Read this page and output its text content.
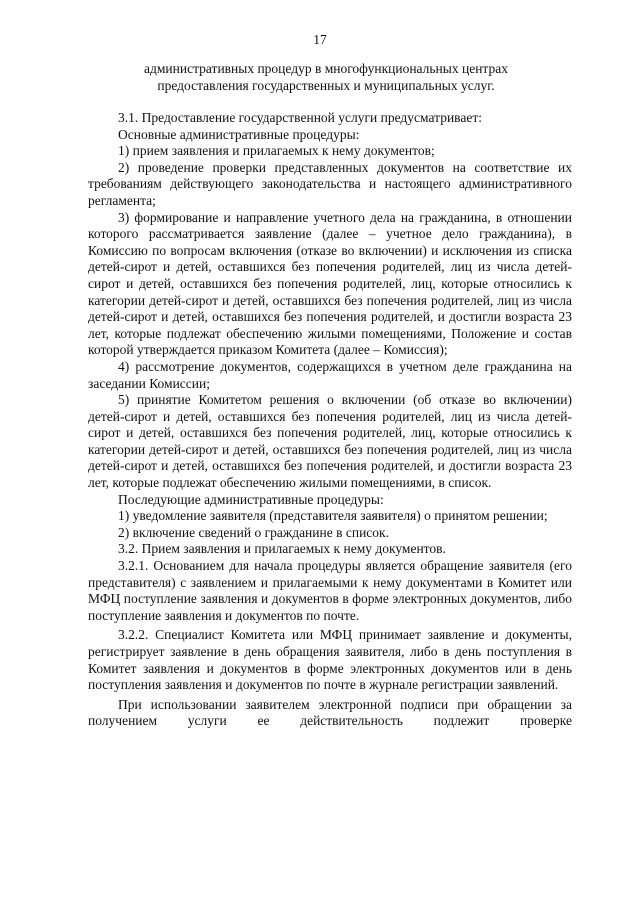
17
административных процедур в многофункциональных центрах
предоставления государственных и муниципальных услуг.

3.1. Предоставление государственной услуги предусматривает:

Основные административные процедуры:

1) прием заявления и прилагаемых к нему документов;

2) проведение проверки представленных документов на соответствие их требованиям действующего законодательства и настоящего административного регламента;

3) формирование и направление учетного дела на гражданина, в отношении которого рассматривается заявление (далее – учетное дело гражданина), в Комиссию по вопросам включения (отказе во включении) и исключения из списка детей-сирот и детей, оставшихся без попечения родителей, лиц из числа детей-сирот и детей, оставшихся без попечения родителей, лиц, которые относились к категории детей-сирот и детей, оставшихся без попечения родителей, лиц из числа детей-сирот и детей, оставшихся без попечения родителей, и достигли возраста 23 лет, которые подлежат обеспечению жилыми помещениями, Положение и состав которой утверждается приказом Комитета (далее – Комиссия);

4) рассмотрение документов, содержащихся в учетном деле гражданина на заседании Комиссии;

5) принятие Комитетом решения о включении (об отказе во включении) детей-сирот и детей, оставшихся без попечения родителей, лиц из числа детей-сирот и детей, оставшихся без попечения родителей, лиц, которые относились к категории детей-сирот и детей, оставшихся без попечения родителей, лиц из числа детей-сирот и детей, оставшихся без попечения родителей, и достигли возраста 23 лет, которые подлежат обеспечению жилыми помещениями, в список.

Последующие административные процедуры:

1) уведомление заявителя (представителя заявителя) о принятом решении;

2) включение сведений о гражданине в список.

3.2. Прием заявления и прилагаемых к нему документов.

3.2.1. Основанием для начала процедуры является обращение заявителя (его представителя) с заявлением и прилагаемыми к нему документами в Комитет или МФЦ поступление заявления и документов в форме электронных документов, либо поступление заявления и документов по почте.

3.2.2. Специалист Комитета или МФЦ принимает заявление и документы, регистрирует заявление в день обращения заявителя, либо в день поступления в Комитет заявления и документов в форме электронных документов или в день поступления заявления и документов по почте в журнале регистрации заявлений.

При использовании заявителем электронной подписи при обращении за получением услуги ее действительность подлежит проверке
